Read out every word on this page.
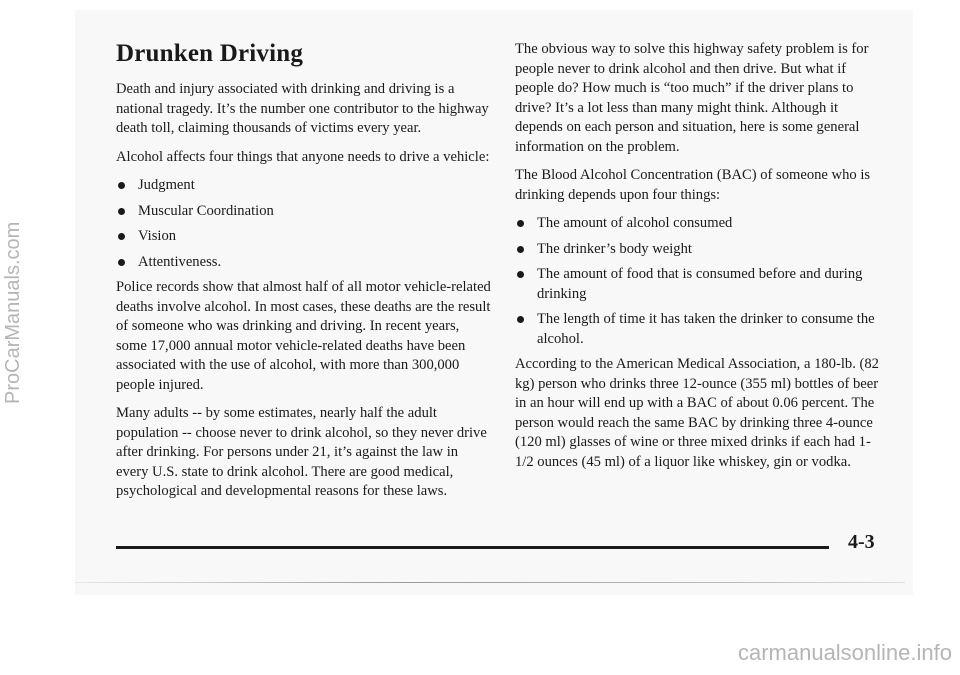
Drunken Driving

Death and injury associated with drinking and driving is a national tragedy. It’s the number one contributor to the highway death toll, claiming thousands of victims every year.

Alcohol affects four things that anyone needs to drive a vehicle:

Judgment
Muscular Coordination
Vision
Attentiveness.

Police records show that almost half of all motor vehicle-related deaths involve alcohol. In most cases, these deaths are the result of someone who was drinking and driving. In recent years, some 17,000 annual motor vehicle-related deaths have been associated with the use of alcohol, with more than 300,000 people injured.

Many adults -- by some estimates, nearly half the adult population -- choose never to drink alcohol, so they never drive after drinking. For persons under 21, it’s against the law in every U.S. state to drink alcohol. There are good medical, psychological and developmental reasons for these laws.

The obvious way to solve this highway safety problem is for people never to drink alcohol and then drive. But what if people do? How much is “too much” if the driver plans to drive? It’s a lot less than many might think. Although it depends on each person and situation, here is some general information on the problem.

The Blood Alcohol Concentration (BAC) of someone who is drinking depends upon four things:

The amount of alcohol consumed
The drinker’s body weight
The amount of food that is consumed before and during drinking
The length of time it has taken the drinker to consume the alcohol.

According to the American Medical Association, a 180-lb. (82 kg) person who drinks three 12-ounce (355 ml) bottles of beer in an hour will end up with a BAC of about 0.06 percent. The person would reach the same BAC by drinking three 4-ounce (120 ml) glasses of wine or three mixed drinks if each had 1-1/2 ounces (45 ml) of a liquor like whiskey, gin or vodka.

4-3
ProCarManuals.com
carmanualsonline.info
